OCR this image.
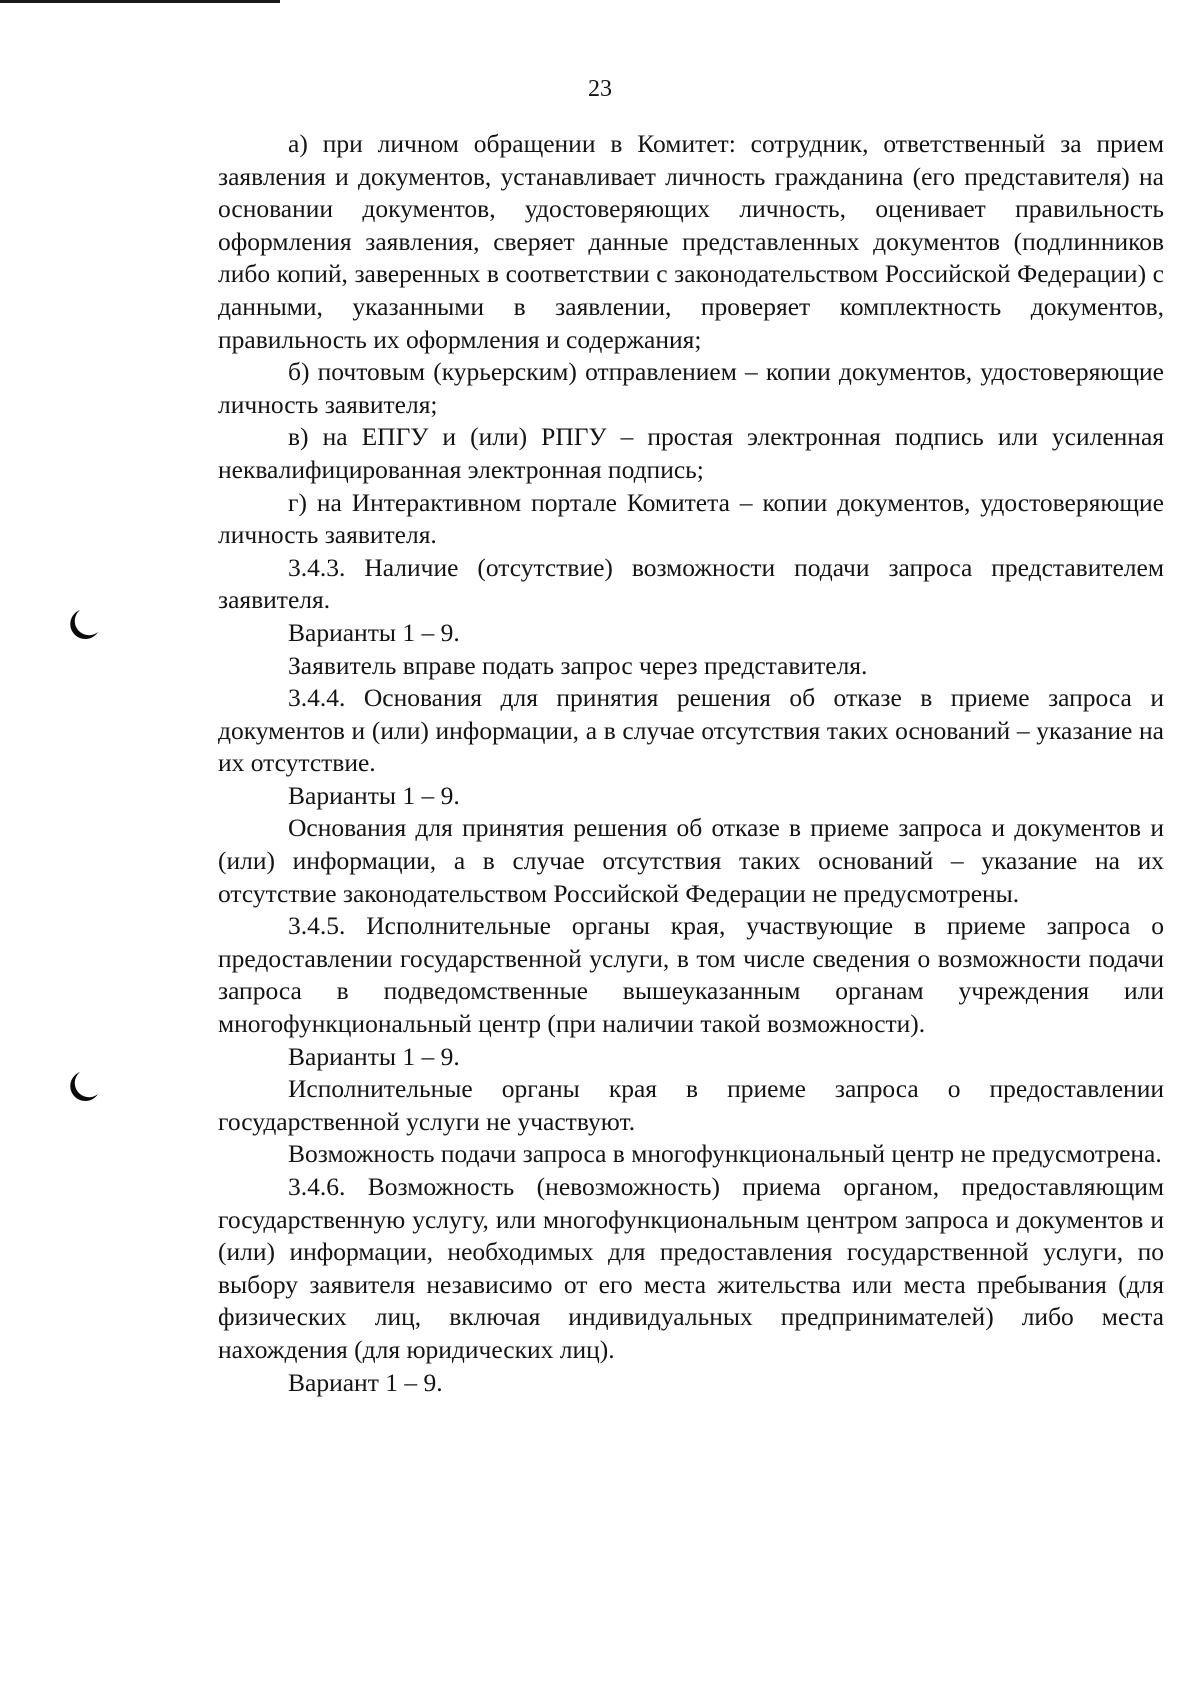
23

а) при личном обращении в Комитет: сотрудник, ответственный за прием заявления и документов, устанавливает личность гражданина (его представителя) на основании документов, удостоверяющих личность, оценивает правильность оформления заявления, сверяет данные представленных документов (подлинников либо копий, заверенных в соответствии с законодательством Российской Федерации) с данными, указанными в заявлении, проверяет комплектность документов, правильность их оформления и содержания;

б) почтовым (курьерским) отправлением – копии документов, удостоверяющие личность заявителя;

в) на ЕПГУ и (или) РПГУ – простая электронная подпись или усиленная неквалифицированная электронная подпись;

г) на Интерактивном портале Комитета – копии документов, удостоверяющие личность заявителя.

3.4.3. Наличие (отсутствие) возможности подачи запроса представителем заявителя.

Варианты 1 – 9.

Заявитель вправе подать запрос через представителя.

3.4.4. Основания для принятия решения об отказе в приеме запроса и документов и (или) информации, а в случае отсутствия таких оснований – указание на их отсутствие.

Варианты 1 – 9.

Основания для принятия решения об отказе в приеме запроса и документов и (или) информации, а в случае отсутствия таких оснований – указание на их отсутствие законодательством Российской Федерации не предусмотрены.

3.4.5. Исполнительные органы края, участвующие в приеме запроса о предоставлении государственной услуги, в том числе сведения о возможности подачи запроса в подведомственные вышеуказанным органам учреждения или многофункциональный центр (при наличии такой возможности).

Варианты 1 – 9.

Исполнительные органы края в приеме запроса о предоставлении государственной услуги не участвуют.

Возможность подачи запроса в многофункциональный центр не предусмотрена.

3.4.6. Возможность (невозможность) приема органом, предоставляющим государственную услугу, или многофункциональным центром запроса и документов и (или) информации, необходимых для предоставления государственной услуги, по выбору заявителя независимо от его места жительства или места пребывания (для физических лиц, включая индивидуальных предпринимателей) либо места нахождения (для юридических лиц).

Вариант 1 – 9.
